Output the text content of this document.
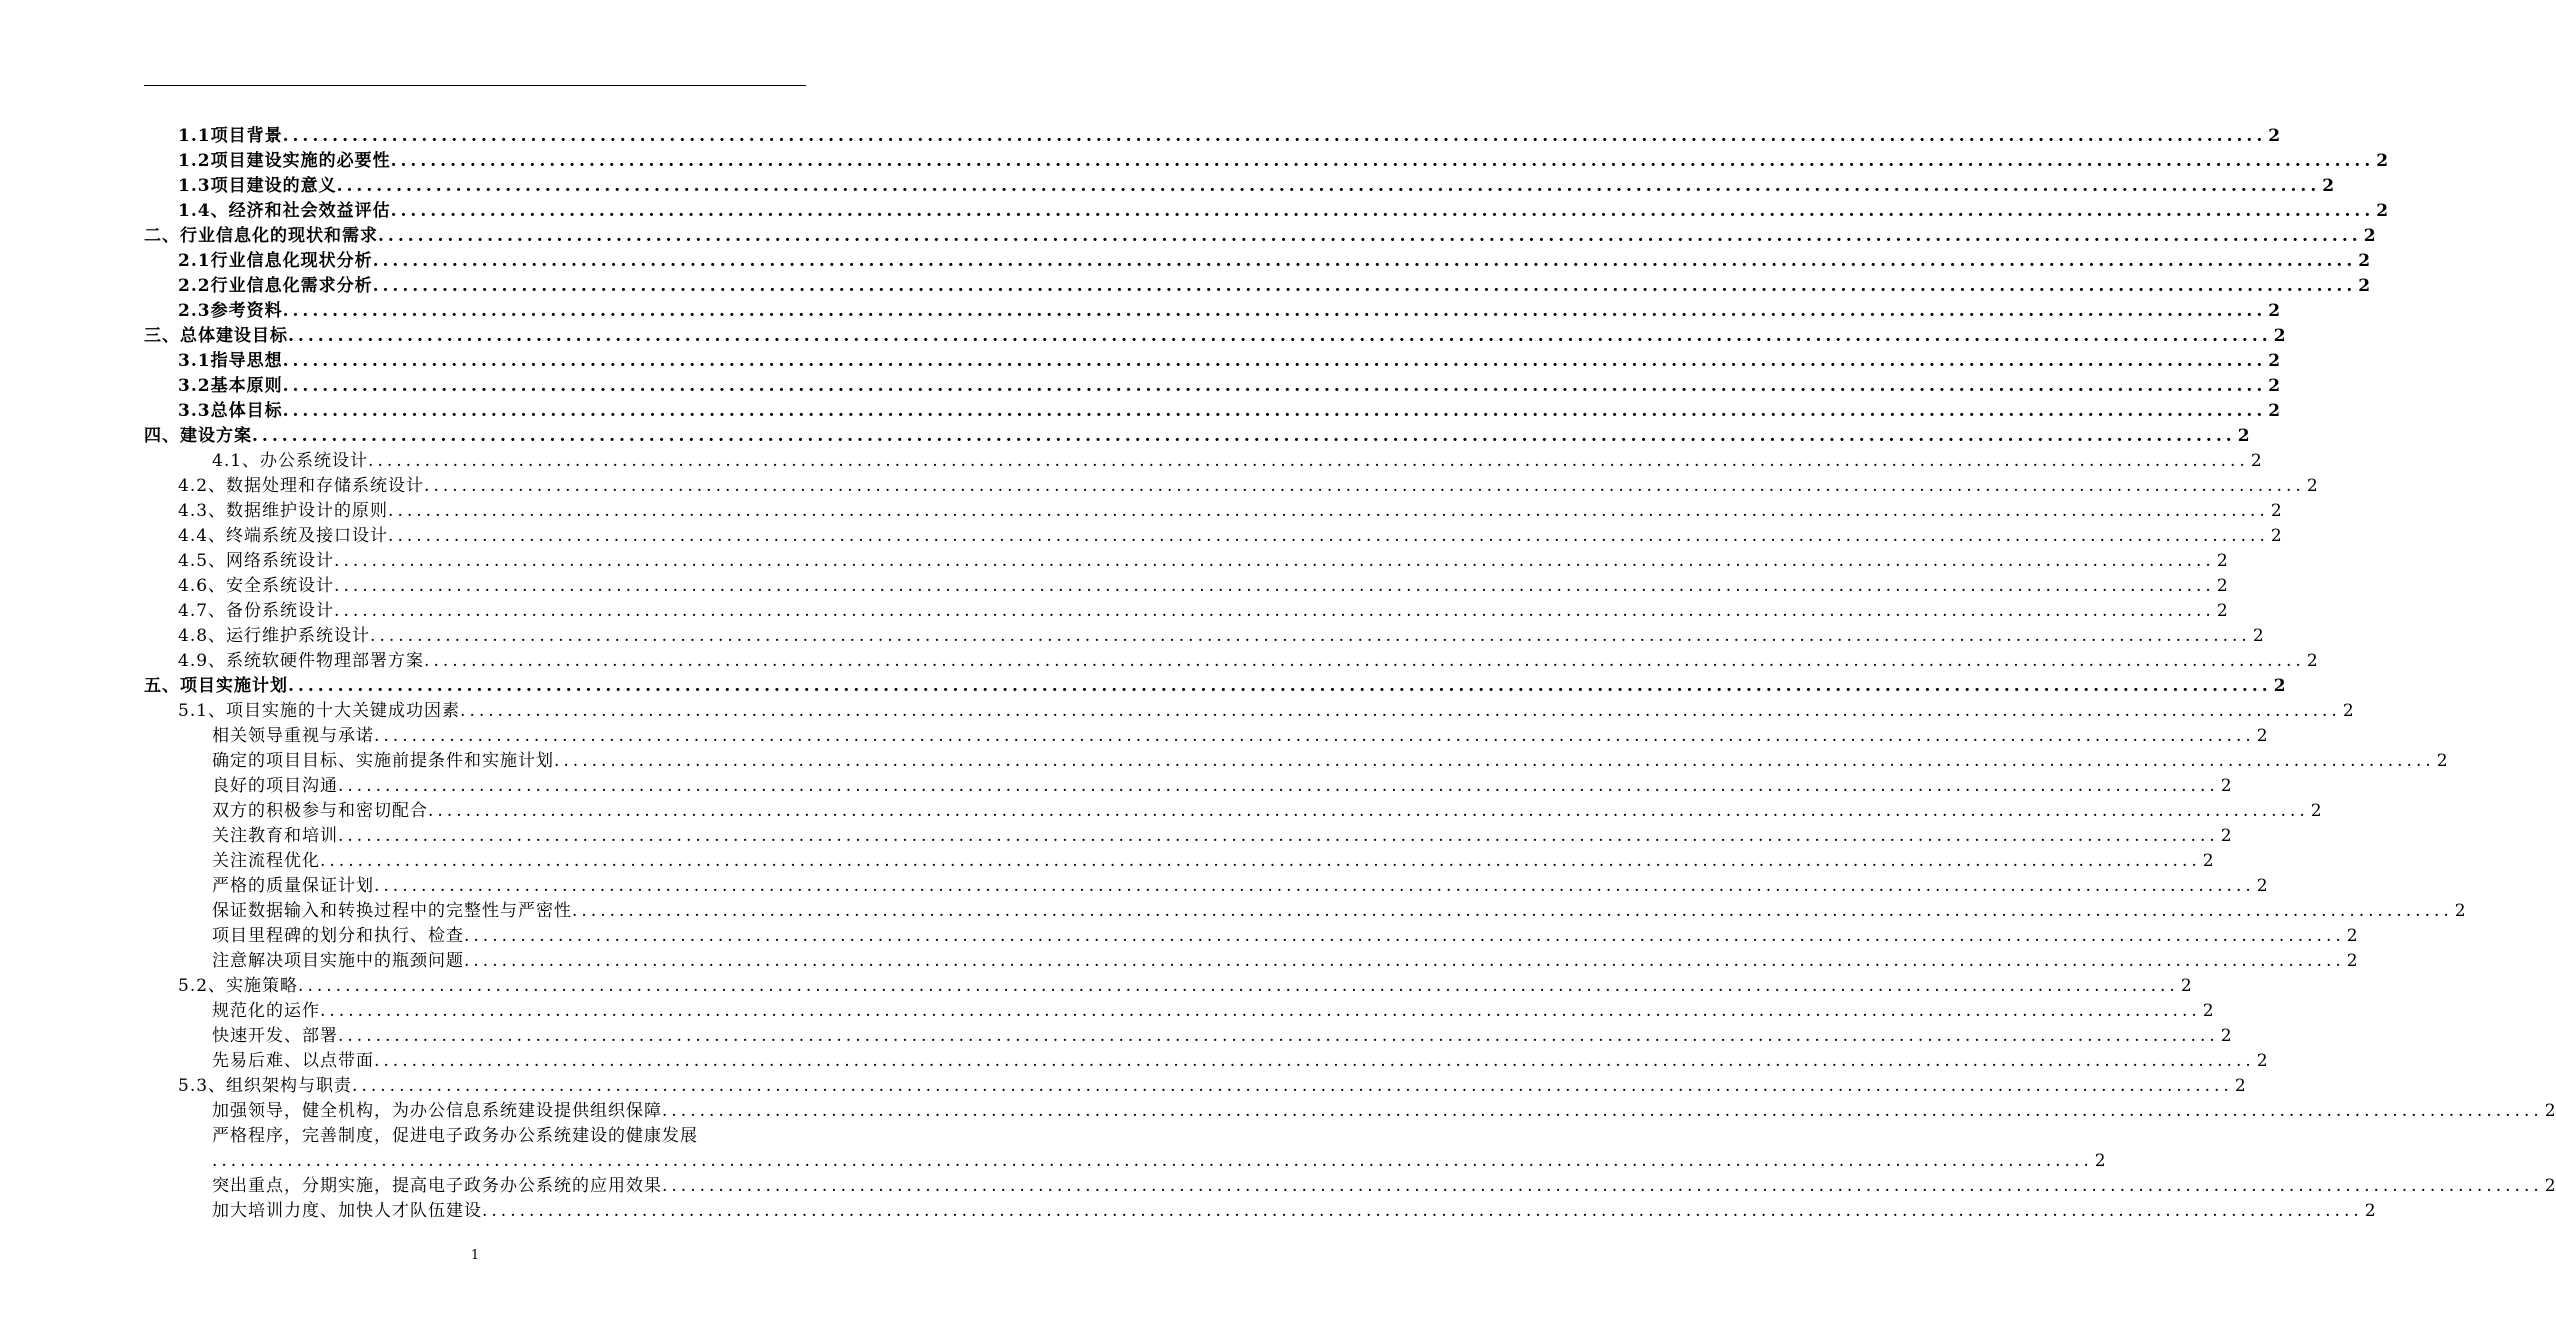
1.1项目背景 ........................................................................................................................................................................................................ 2
1.2项目建设实施的必要性 ........................................................................................................................................................................................................ 2
1.3项目建设的意义 ........................................................................................................................................................................................................ 2
1.4、经济和社会效益评估 ........................................................................................................................................................................................................ 2
二、行业信息化的现状和需求 ........................................................................................................................................................................................................ 2
2.1行业信息化现状分析 ........................................................................................................................................................................................................ 2
2.2行业信息化需求分析 ........................................................................................................................................................................................................ 2
2.3参考资料 ........................................................................................................................................................................................................ 2
三、总体建设目标 ........................................................................................................................................................................................................ 2
3.1指导思想 ........................................................................................................................................................................................................ 2
3.2基本原则 ........................................................................................................................................................................................................ 2
3.3总体目标 ........................................................................................................................................................................................................ 2
四、建设方案 ........................................................................................................................................................................................................ 2
4.1、办公系统设计 ........................................................................................................................................................................................................ 2
4.2、数据处理和存储系统设计 ........................................................................................................................................................................................................ 2
4.3、数据维护设计的原则 ........................................................................................................................................................................................................ 2
4.4、终端系统及接口设计 ........................................................................................................................................................................................................ 2
4.5、网络系统设计 ........................................................................................................................................................................................................ 2
4.6、安全系统设计 ........................................................................................................................................................................................................ 2
4.7、备份系统设计 ........................................................................................................................................................................................................ 2
4.8、运行维护系统设计 ........................................................................................................................................................................................................ 2
4.9、系统软硬件物理部署方案 ........................................................................................................................................................................................................ 2
五、项目实施计划 ........................................................................................................................................................................................................ 2
5.1、项目实施的十大关键成功因素 ........................................................................................................................................................................................................ 2
相关领导重视与承诺 ........................................................................................................................................................................................................ 2
确定的项目目标、实施前提条件和实施计划 ........................................................................................................................................................................................................ 2
良好的项目沟通 ........................................................................................................................................................................................................ 2
双方的积极参与和密切配合 ........................................................................................................................................................................................................ 2
关注教育和培训 ........................................................................................................................................................................................................ 2
关注流程优化 ........................................................................................................................................................................................................ 2
严格的质量保证计划 ........................................................................................................................................................................................................ 2
保证数据输入和转换过程中的完整性与严密性 ........................................................................................................................................................................................................ 2
项目里程碑的划分和执行、检查 ........................................................................................................................................................................................................ 2
注意解决项目实施中的瓶颈问题 ........................................................................................................................................................................................................ 2
5.2、实施策略 ........................................................................................................................................................................................................ 2
规范化的运作 ........................................................................................................................................................................................................ 2
快速开发、部署 ........................................................................................................................................................................................................ 2
先易后难、以点带面 ........................................................................................................................................................................................................ 2
5.3、组织架构与职责 ........................................................................................................................................................................................................ 2
加强领导，健全机构，为办公信息系统建设提供组织保障 ........................................................................................................................................................................................................ 2
严格程序，完善制度，促进电子政务办公系统建设的健康发展
........................................................................................................................................................................................................ 2
突出重点，分期实施，提高电子政务办公系统的应用效果 ........................................................................................................................................................................................................ 2
加大培训力度、加快人才队伍建设 ........................................................................................................................................................................................................ 2
1
